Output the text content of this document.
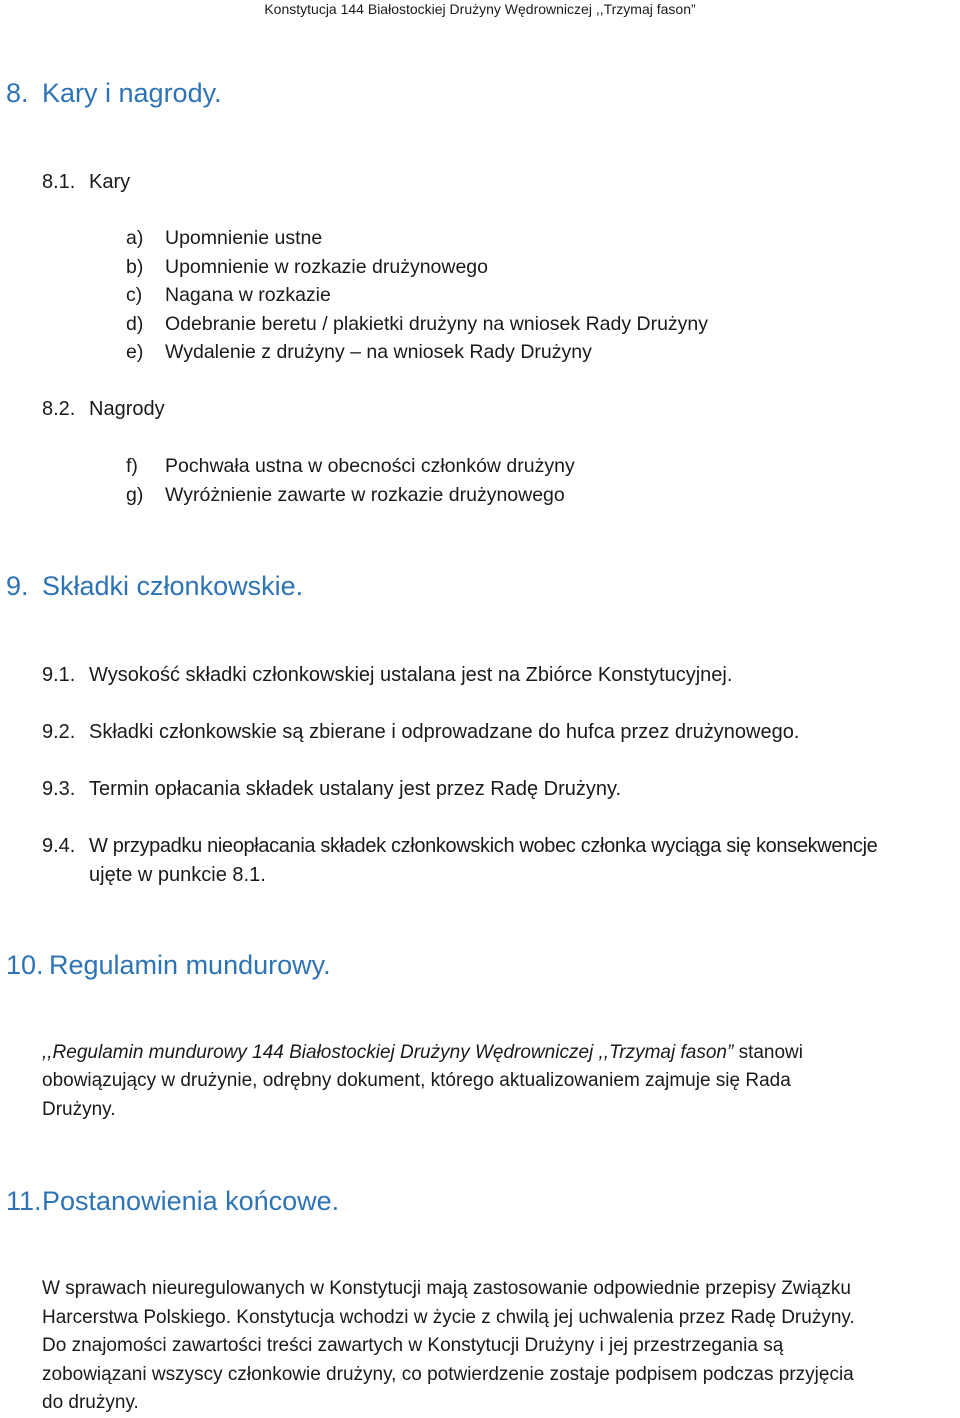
Konstytucja 144 Białostockiej Drużyny Wędrowniczej ,,Trzymaj fason”
8. Kary i nagrody.
8.1. Kary
a) Upomnienie ustne
b) Upomnienie w rozkazie drużynowego
c) Nagana w rozkazie
d) Odebranie beretu / plakietki drużyny na wniosek Rady Drużyny
e) Wydalenie z drużyny – na wniosek Rady Drużyny
8.2. Nagrody
f) Pochwała ustna w obecności członków drużyny
g) Wyróżnienie zawarte w rozkazie drużynowego
9. Składki członkowskie.
9.1. Wysokość składki członkowskiej ustalana jest na Zbiórce Konstytucyjnej.
9.2. Składki członkowskie są zbierane i odprowadzane do hufca przez drużynowego.
9.3. Termin opłacania składek ustalany jest przez Radę Drużyny.
9.4. W przypadku nieopłacania składek członkowskich wobec członka wyciąga się konsekwencje
ujęte w punkcie 8.1.
10. Regulamin mundurowy.
,,Regulamin mundurowy 144 Białostockiej Drużyny Wędrowniczej ,,Trzymaj fason” stanowi
obowiązujący w drużynie, odrębny dokument, którego aktualizowaniem zajmuje się Rada
Drużyny.
11. Postanowienia końcowe.
W sprawach nieuregulowanych w Konstytucji mają zastosowanie odpowiednie przepisy Związku
Harcerstwa Polskiego. Konstytucja wchodzi w życie z chwilą jej uchwalenia przez Radę Drużyny.
Do znajomości zawartości treści zawartych w Konstytucji Drużyny i jej przestrzegania są
zobowiązani wszyscy członkowie drużyny, co potwierdzenie zostaje podpisem podczas przyjęcia
do drużyny.
